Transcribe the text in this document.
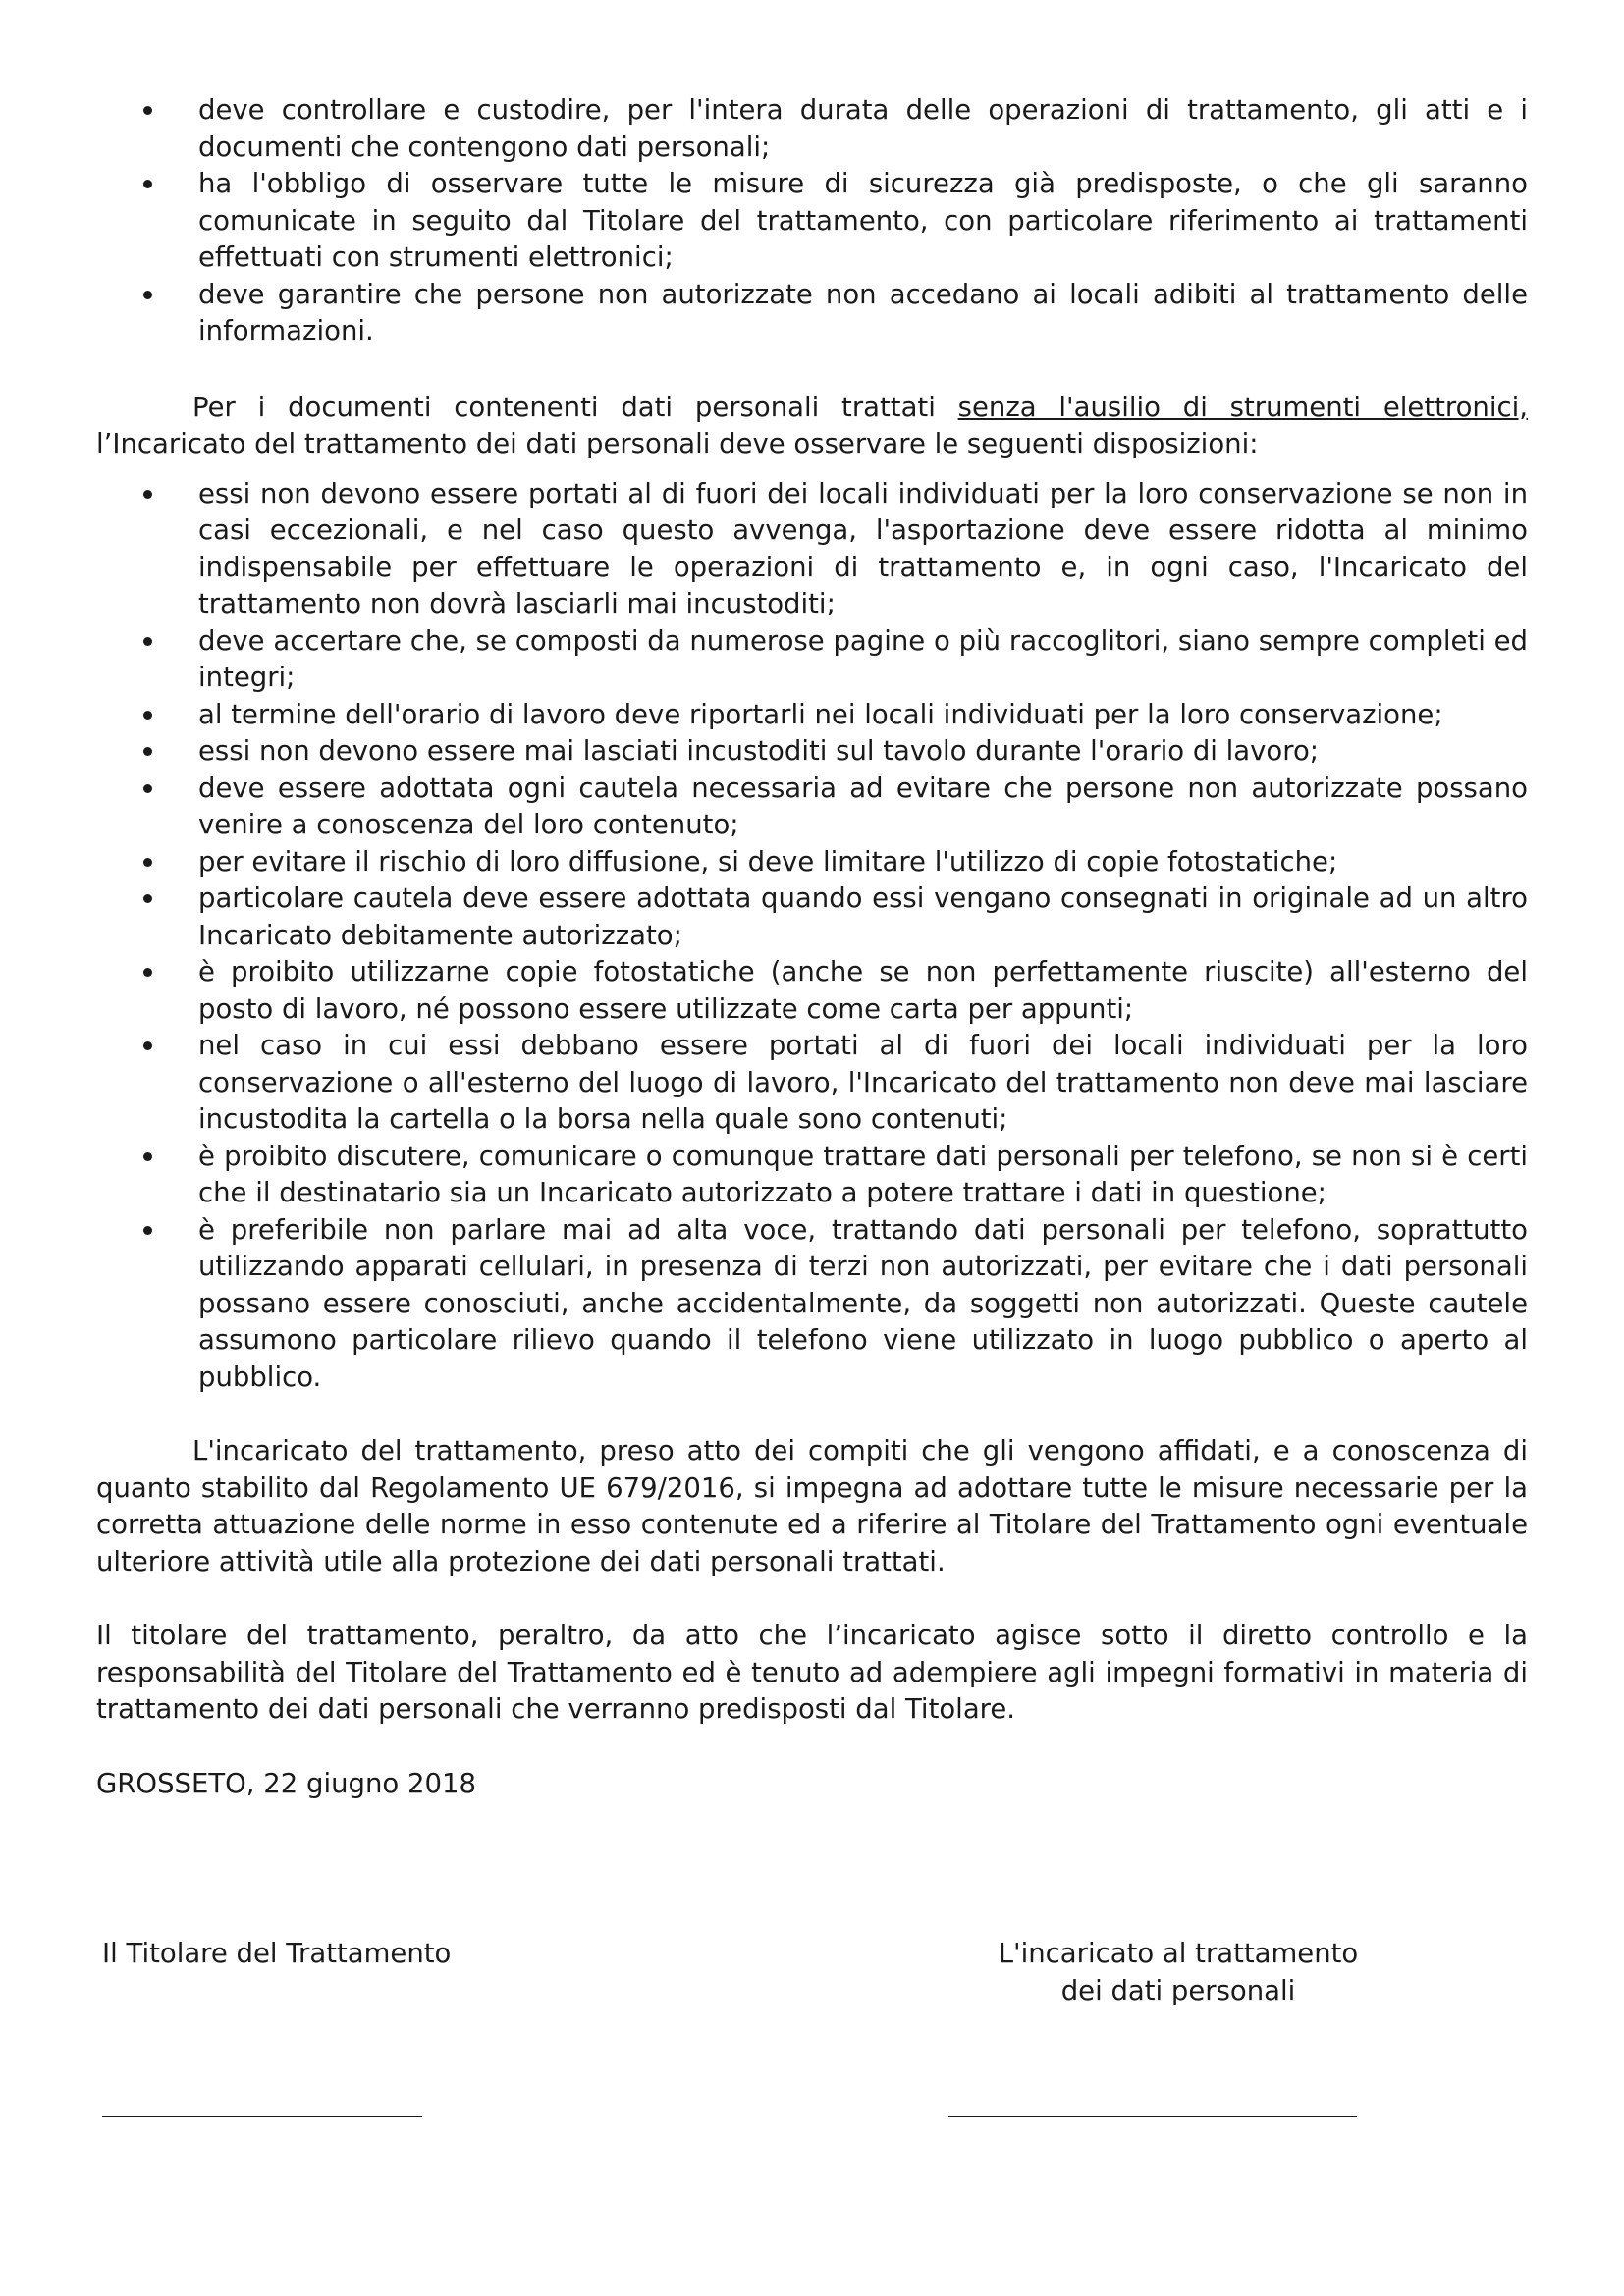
deve controllare e custodire, per l'intera durata delle operazioni di trattamento, gli atti e i documenti che contengono dati personali;
ha l'obbligo di osservare tutte le misure di sicurezza già predisposte, o che gli saranno comunicate in seguito dal Titolare del trattamento, con particolare riferimento ai trattamenti effettuati con strumenti elettronici;
deve garantire che persone non autorizzate non accedano ai locali adibiti al trattamento delle informazioni.

Per i documenti contenenti dati personali trattati senza l'ausilio di strumenti elettronici, l’Incaricato del trattamento dei dati personali deve osservare le seguenti disposizioni:

essi non devono essere portati al di fuori dei locali individuati per la loro conservazione se non in casi eccezionali, e nel caso questo avvenga, l'asportazione deve essere ridotta al minimo indispensabile per effettuare le operazioni di trattamento e, in ogni caso, l'Incaricato del trattamento non dovrà lasciarli mai incustoditi;
deve accertare che, se composti da numerose pagine o più raccoglitori, siano sempre completi ed integri;
al termine dell'orario di lavoro deve riportarli nei locali individuati per la loro conservazione;
essi non devono essere mai lasciati incustoditi sul tavolo durante l'orario di lavoro;
deve essere adottata ogni cautela necessaria ad evitare che persone non autorizzate possano venire a conoscenza del loro contenuto;
per evitare il rischio di loro diffusione, si deve limitare l'utilizzo di copie fotostatiche;
particolare cautela deve essere adottata quando essi vengano consegnati in originale ad un altro Incaricato debitamente autorizzato;
è proibito utilizzarne copie fotostatiche (anche se non perfettamente riuscite) all'esterno del posto di lavoro, né possono essere utilizzate come carta per appunti;
nel caso in cui essi debbano essere portati al di fuori dei locali individuati per la loro conservazione o all'esterno del luogo di lavoro, l'Incaricato del trattamento non deve mai lasciare incustodita la cartella o la borsa nella quale sono contenuti;
è proibito discutere, comunicare o comunque trattare dati personali per telefono, se non si è certi che il destinatario sia un Incaricato autorizzato a potere trattare i dati in questione;
è preferibile non parlare mai ad alta voce, trattando dati personali per telefono, soprattutto utilizzando apparati cellulari, in presenza di terzi non autorizzati, per evitare che i dati personali possano essere conosciuti, anche accidentalmente, da soggetti non autorizzati. Queste cautele assumono particolare rilievo quando il telefono viene utilizzato in luogo pubblico o aperto al pubblico.

L'incaricato del trattamento, preso atto dei compiti che gli vengono affidati, e a conoscenza di quanto stabilito dal Regolamento UE 679/2016, si impegna ad adottare tutte le misure necessarie per la corretta attuazione delle norme in esso contenute ed a riferire al Titolare del Trattamento ogni eventuale ulteriore attività utile alla protezione dei dati personali trattati.

Il titolare del trattamento, peraltro, da atto che l’incaricato agisce sotto il diretto controllo e la responsabilità del Titolare del Trattamento ed è tenuto ad adempiere agli impegni formativi in materia di trattamento dei dati personali che verranno predisposti dal Titolare.

GROSSETO, 22 giugno 2018

Il Titolare del Trattamento	L'incaricato al trattamento
dei dati personali
